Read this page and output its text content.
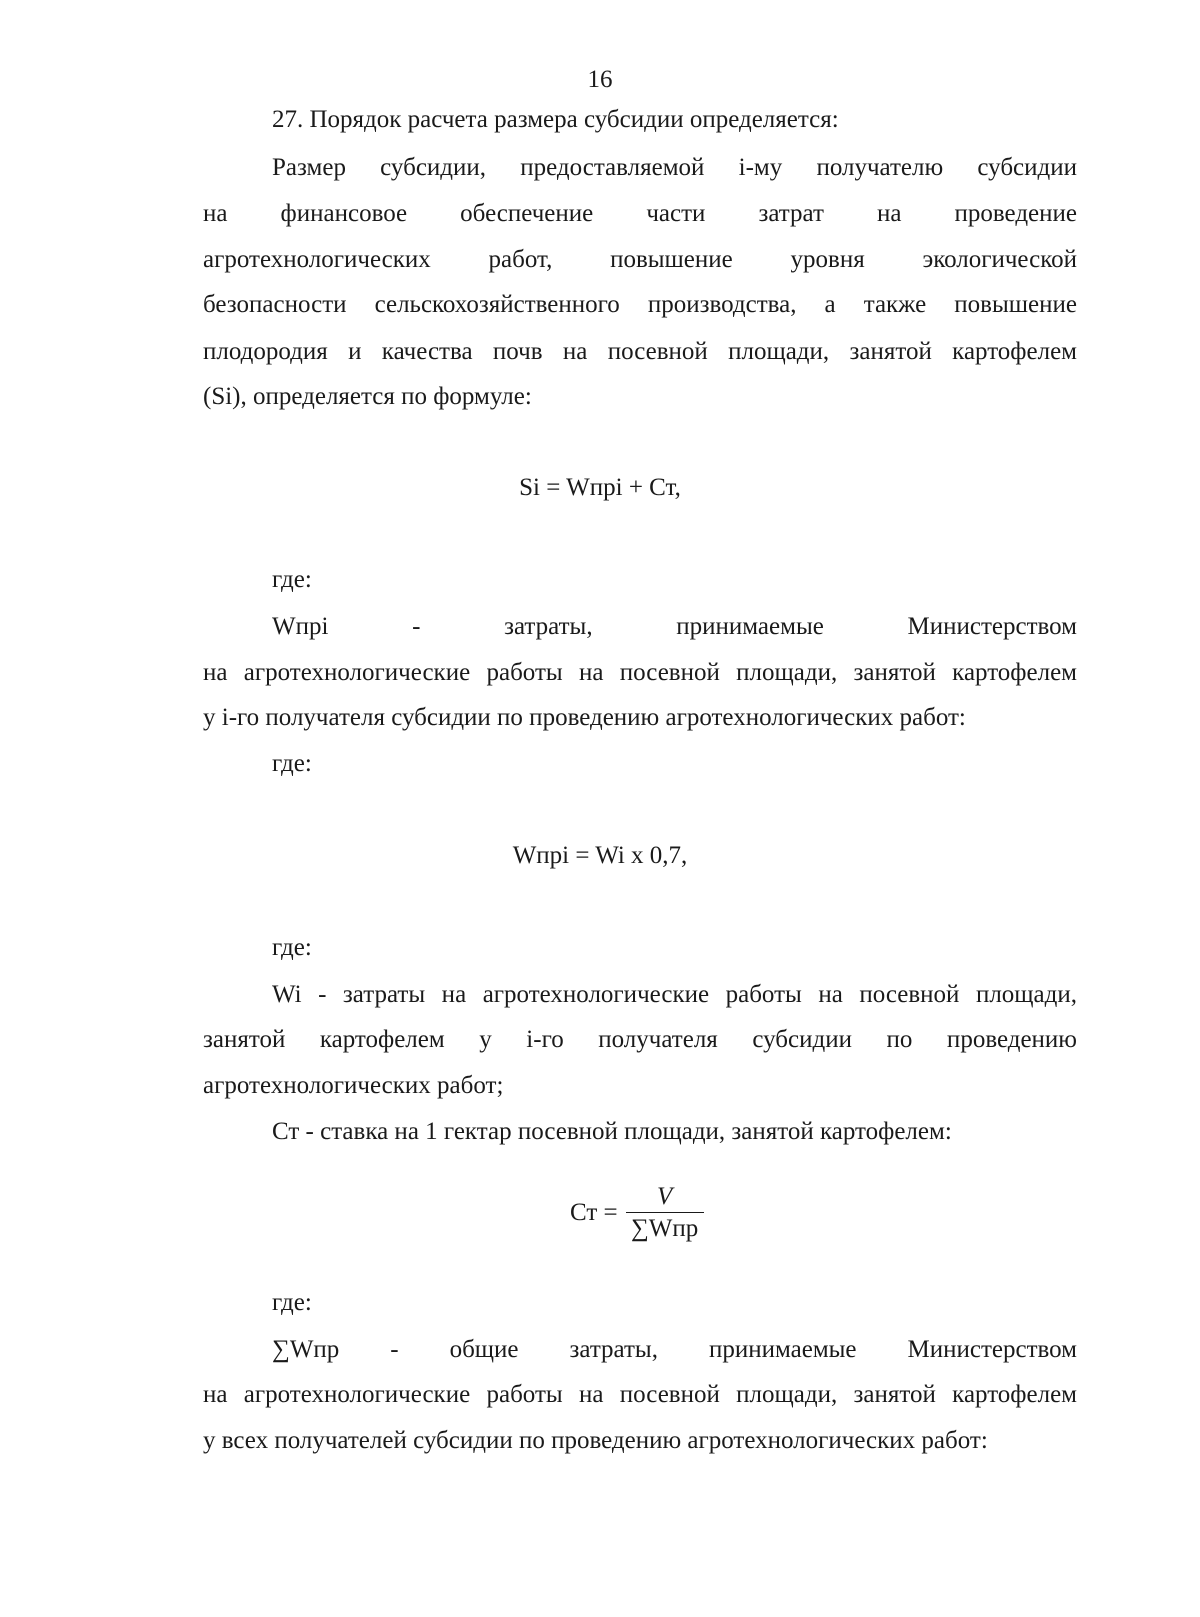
16
27. Порядок расчета размера субсидии определяется:
Размер субсидии, предоставляемой i-му получателю субсидии
на финансовое обеспечение части затрат на проведение
агротехнологических работ, повышение уровня экологической
безопасности сельскохозяйственного производства, а также повышение
плодородия и качества почв на посевной площади, занятой картофелем
(Si), определяется по формуле:
Si = Wпрi + Ст,
где:
Wпрi - затраты, принимаемые Министерством
на агротехнологические работы на посевной площади, занятой картофелем
у i-го получателя субсидии по проведению агротехнологических работ:
где:
Wпрi = Wi x 0,7,
где:
Wi - затраты на агротехнологические работы на посевной площади,
занятой картофелем у i-го получателя субсидии по проведению
агротехнологических работ;
Ст - ставка на 1 гектар посевной площади, занятой картофелем:
Ст = $\frac{V}{\text{∑Wпр}}$
где:
∑Wпр - общие затраты, принимаемые Министерством
на агротехнологические работы на посевной площади, занятой картофелем
у всех получателей субсидии по проведению агротехнологических работ:
